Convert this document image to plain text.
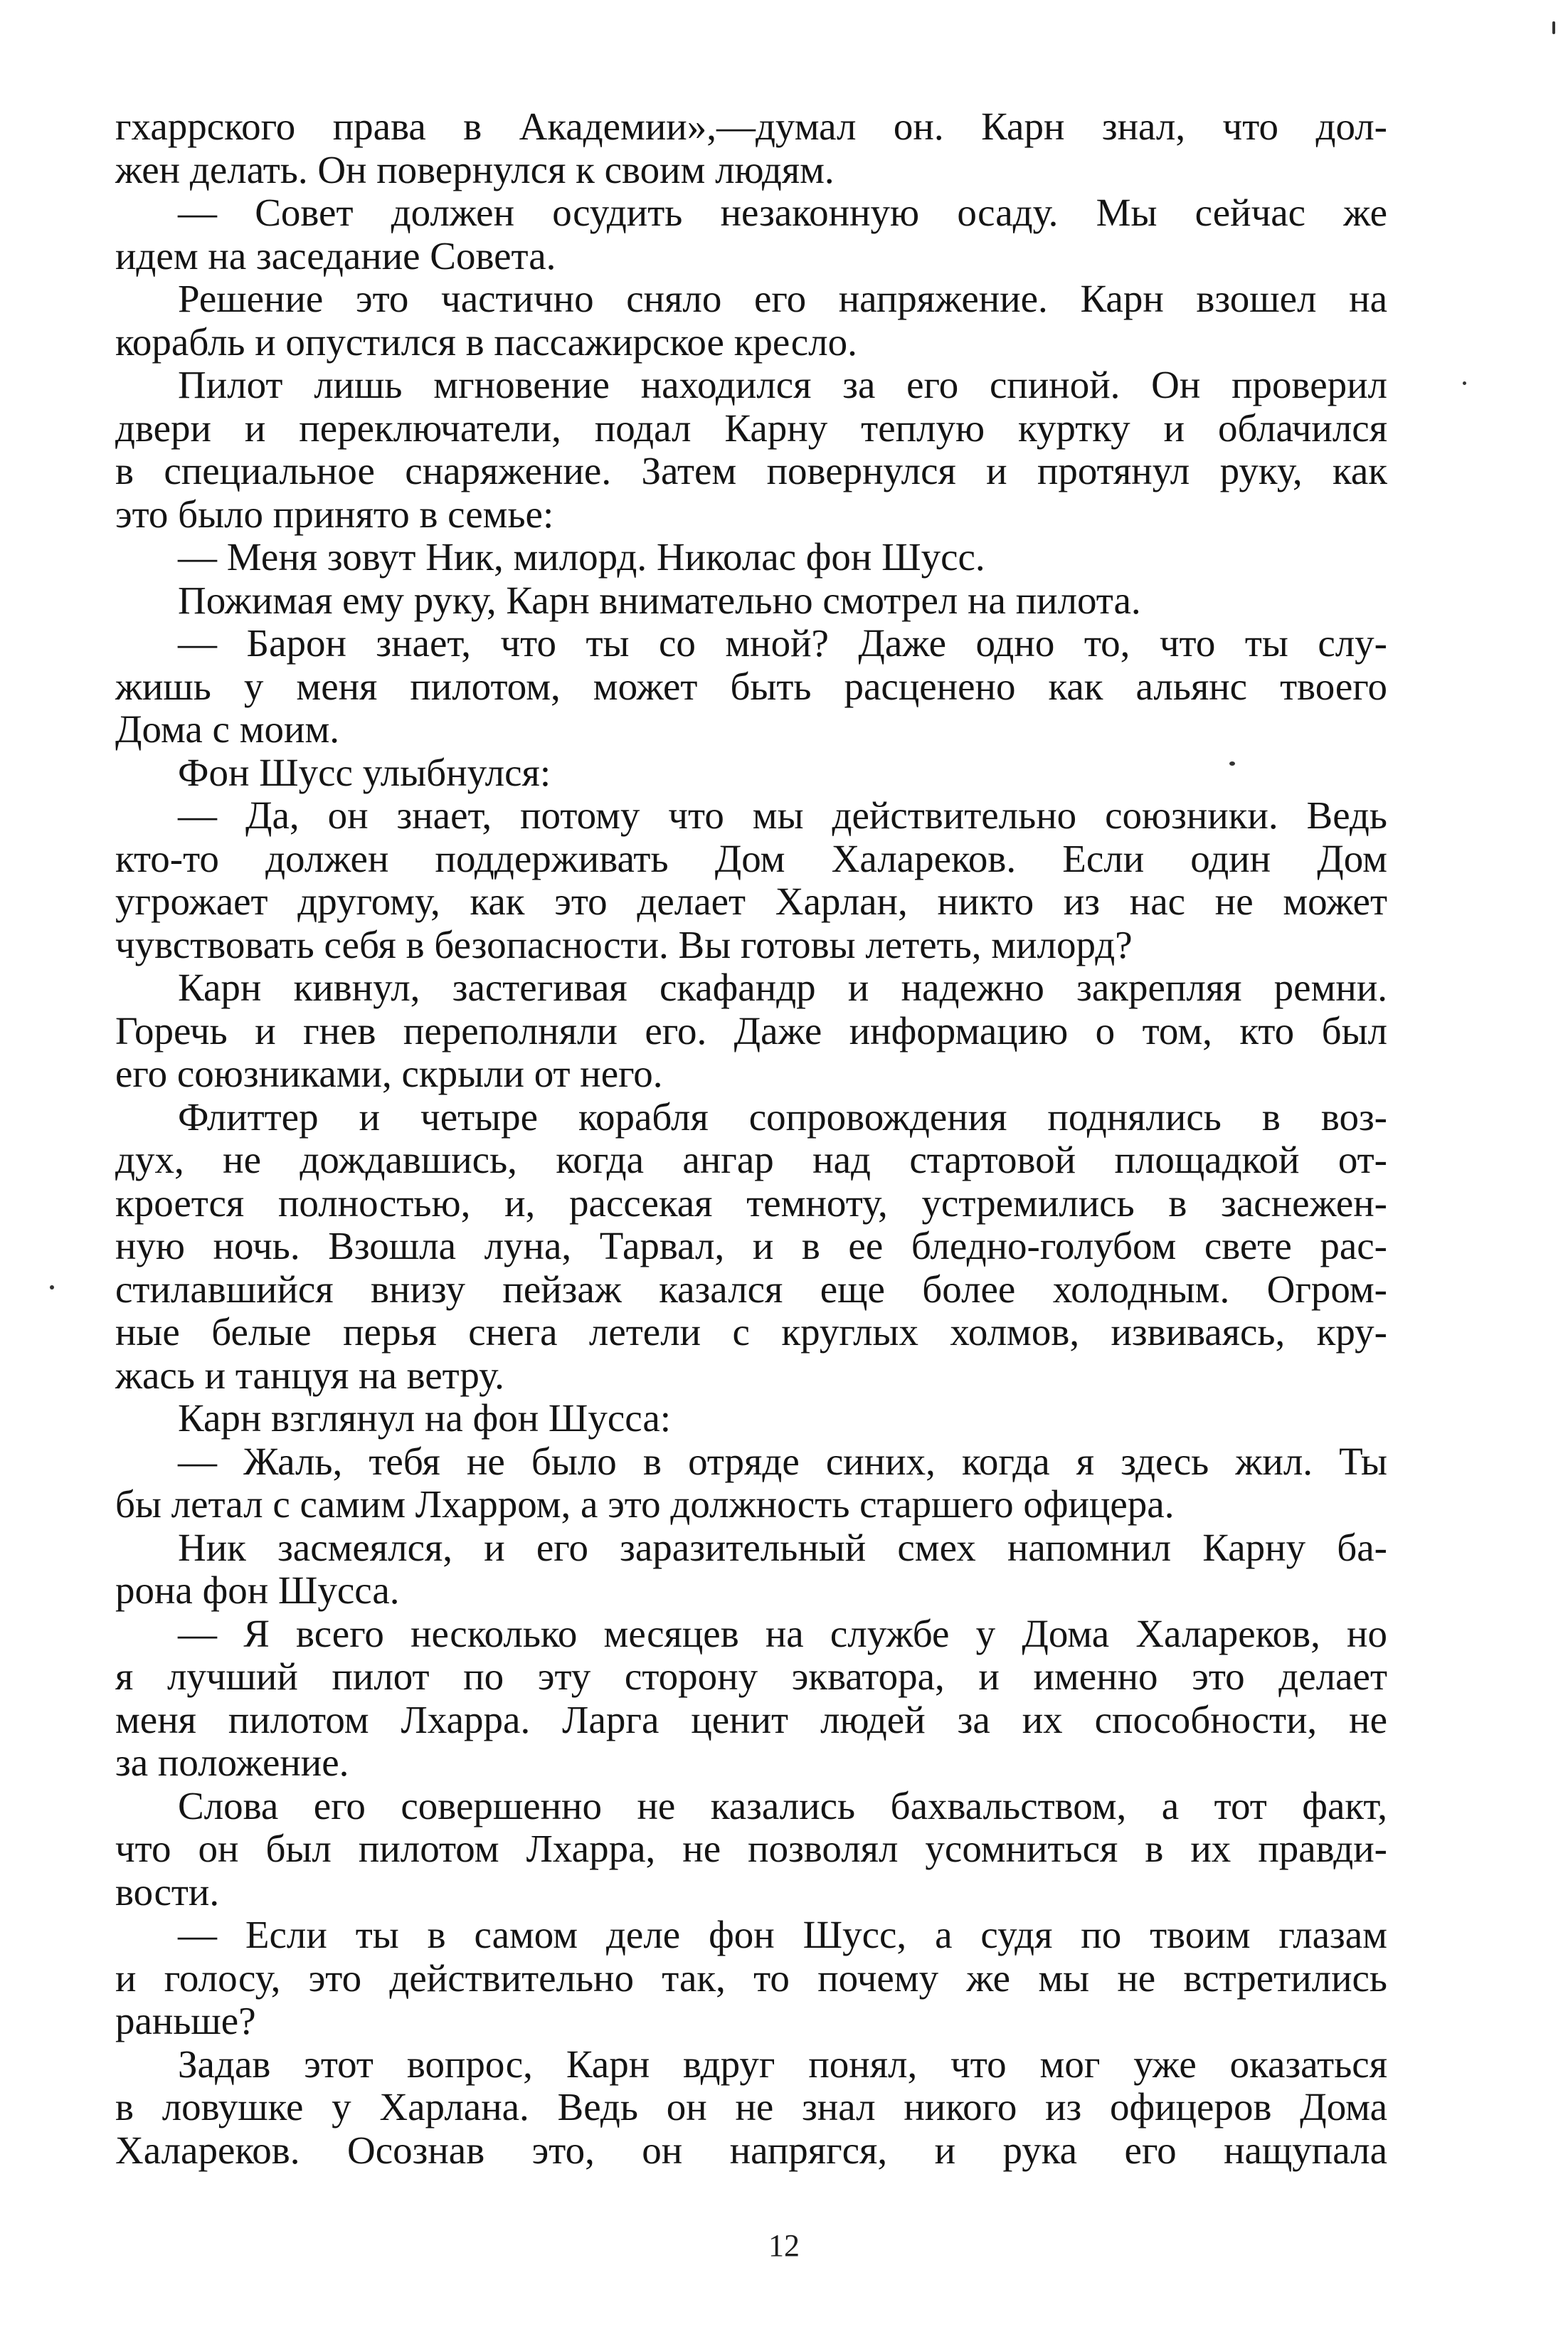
гхаррского права в Академии»,—думал он. Карн знал, что дол-
жен делать. Он повернулся к своим людям.
— Совет должен осудить незаконную осаду. Мы сейчас же
идем на заседание Совета.
Решение это частично сняло его напряжение. Карн взошел на
корабль и опустился в пассажирское кресло.
Пилот лишь мгновение находился за его спиной. Он проверил
двери и переключатели, подал Карну теплую куртку и облачился
в специальное снаряжение. Затем повернулся и протянул руку, как
это было принято в семье:
— Меня зовут Ник, милорд. Николас фон Шусс.
Пожимая ему руку, Карн внимательно смотрел на пилота.
— Барон знает, что ты со мной? Даже одно то, что ты слу-
жишь у меня пилотом, может быть расценено как альянс твоего
Дома с моим.
Фон Шусс улыбнулся:
— Да, он знает, потому что мы действительно союзники. Ведь
кто-то должен поддерживать Дом Халареков. Если один Дом
угрожает другому, как это делает Харлан, никто из нас не может
чувствовать себя в безопасности. Вы готовы лететь, милорд?
Карн кивнул, застегивая скафандр и надежно закрепляя ремни.
Горечь и гнев переполняли его. Даже информацию о том, кто был
его союзниками, скрыли от него.
Флиттер и четыре корабля сопровождения поднялись в воз-
дух, не дождавшись, когда ангар над стартовой площадкой от-
кроется полностью, и, рассекая темноту, устремились в заснежен-
ную ночь. Взошла луна, Тарвал, и в ее бледно-голубом свете рас-
стилавшийся внизу пейзаж казался еще более холодным. Огром-
ные белые перья снега летели с круглых холмов, извиваясь, кру-
жась и танцуя на ветру.
Карн взглянул на фон Шусса:
— Жаль, тебя не было в отряде синих, когда я здесь жил. Ты
бы летал с самим Лхарром, а это должность старшего офицера.
Ник засмеялся, и его заразительный смех напомнил Карну ба-
рона фон Шусса.
— Я всего несколько месяцев на службе у Дома Халареков, но
я лучший пилот по эту сторону экватора, и именно это делает
меня пилотом Лхарра. Ларга ценит людей за их способности, не
за положение.
Слова его совершенно не казались бахвальством, а тот факт,
что он был пилотом Лхарра, не позволял усомниться в их правди-
вости.
— Если ты в самом деле фон Шусс, а судя по твоим глазам
и голосу, это действительно так, то почему же мы не встретились
раньше?
Задав этот вопрос, Карн вдруг понял, что мог уже оказаться
в ловушке у Харлана. Ведь он не знал никого из офицеров Дома
Халареков. Осознав это, он напрягся, и рука его нащупала
12
